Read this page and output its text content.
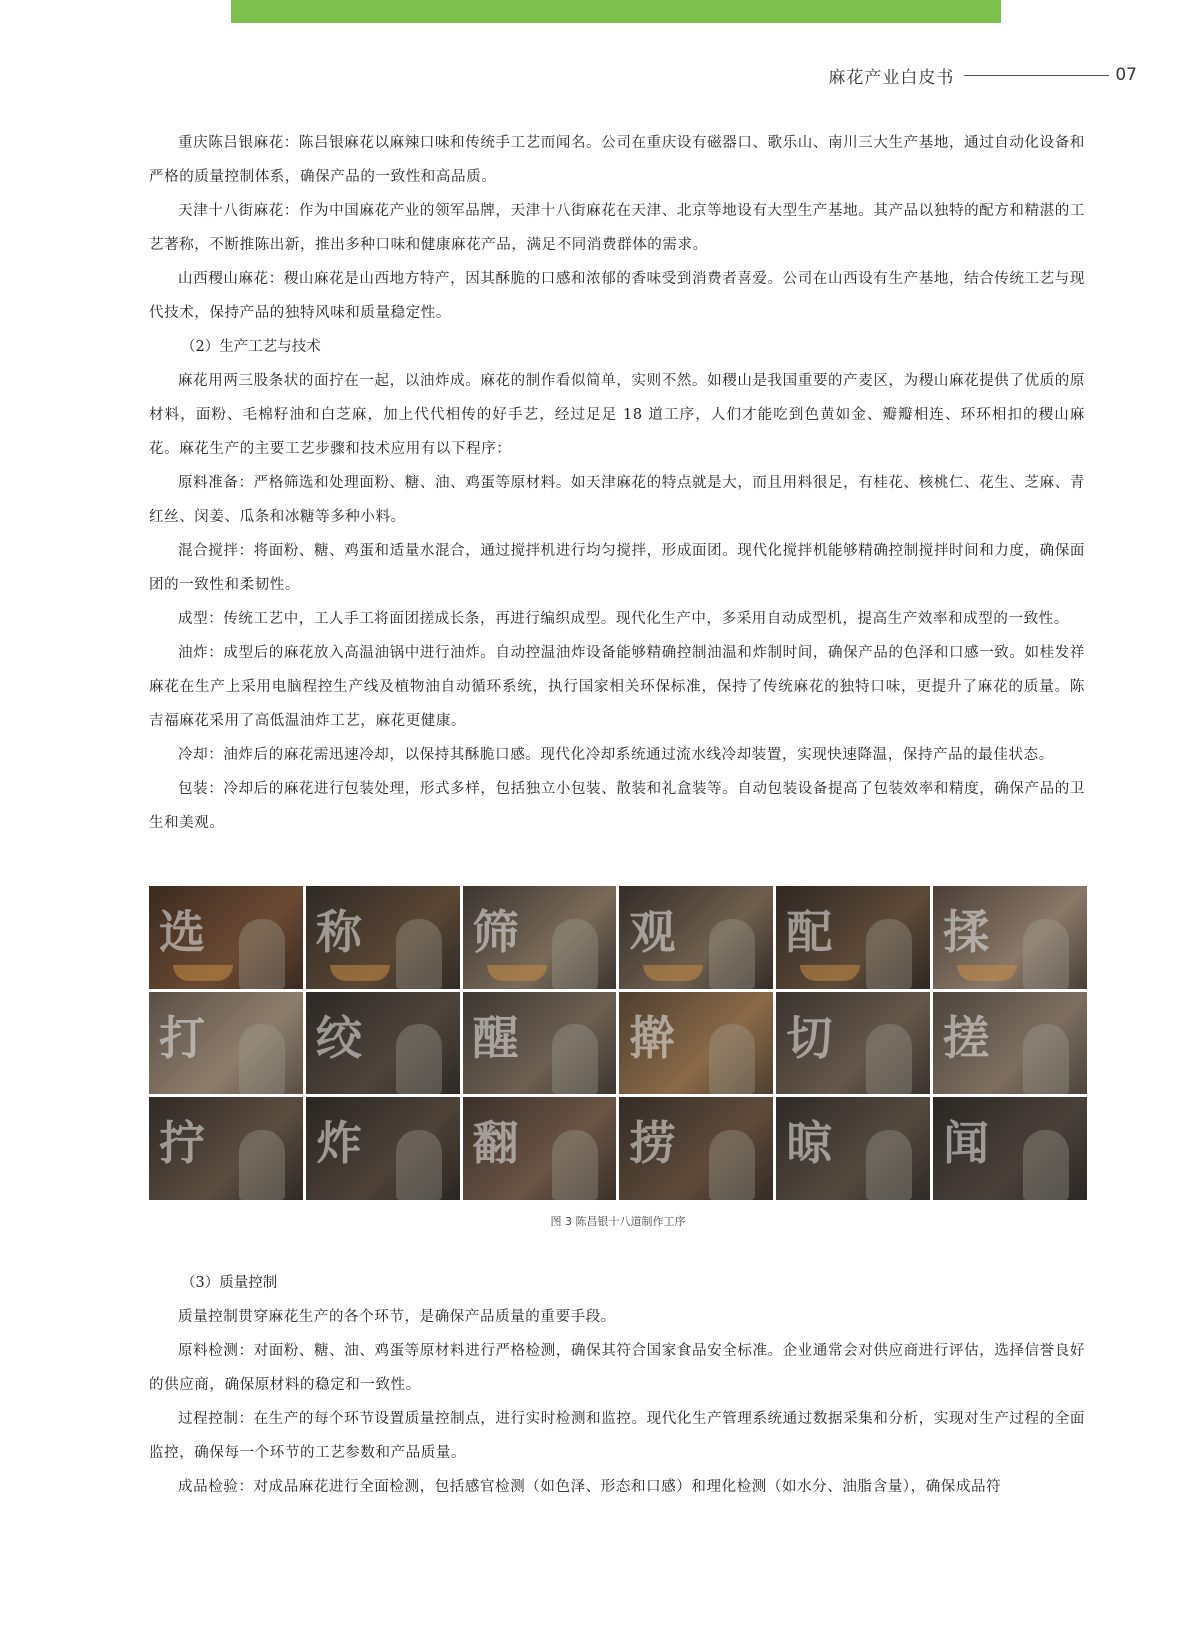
麻花产业白皮书	07

重庆陈吕银麻花：陈吕银麻花以麻辣口味和传统手工艺而闻名。公司在重庆设有磁器口、歌乐山、南川三大生产基地，通过自动化设备和严格的质量控制体系，确保产品的一致性和高品质。

天津十八街麻花：作为中国麻花产业的领军品牌，天津十八街麻花在天津、北京等地设有大型生产基地。其产品以独特的配方和精湛的工艺著称，不断推陈出新，推出多种口味和健康麻花产品，满足不同消费群体的需求。

山西稷山麻花：稷山麻花是山西地方特产，因其酥脆的口感和浓郁的香味受到消费者喜爱。公司在山西设有生产基地，结合传统工艺与现代技术，保持产品的独特风味和质量稳定性。

（2）生产工艺与技术

麻花用两三股条状的面拧在一起，以油炸成。麻花的制作看似简单，实则不然。如稷山是我国重要的产麦区，为稷山麻花提供了优质的原材料，面粉、毛棉籽油和白芝麻，加上代代相传的好手艺，经过足足 18 道工序，人们才能吃到色黄如金、瓣瓣相连、环环相扣的稷山麻花。麻花生产的主要工艺步骤和技术应用有以下程序：

原料准备：严格筛选和处理面粉、糖、油、鸡蛋等原材料。如天津麻花的特点就是大，而且用料很足，有桂花、核桃仁、花生、芝麻、青红丝、闵姜、瓜条和冰糖等多种小料。

混合搅拌：将面粉、糖、鸡蛋和适量水混合，通过搅拌机进行均匀搅拌，形成面团。现代化搅拌机能够精确控制搅拌时间和力度，确保面团的一致性和柔韧性。

成型：传统工艺中，工人手工将面团搓成长条，再进行编织成型。现代化生产中，多采用自动成型机，提高生产效率和成型的一致性。

油炸：成型后的麻花放入高温油锅中进行油炸。自动控温油炸设备能够精确控制油温和炸制时间，确保产品的色泽和口感一致。如桂发祥麻花在生产上采用电脑程控生产线及植物油自动循环系统，执行国家相关环保标准，保持了传统麻花的独特口味，更提升了麻花的质量。陈吉福麻花采用了高低温油炸工艺，麻花更健康。

冷却：油炸后的麻花需迅速冷却，以保持其酥脆口感。现代化冷却系统通过流水线冷却装置，实现快速降温，保持产品的最佳状态。

包装：冷却后的麻花进行包装处理，形式多样，包括独立小包装、散装和礼盒装等。自动包装设备提高了包装效率和精度，确保产品的卫生和美观。

选 称 筛 观 配 揉
打 绞 醒 擀 切 搓
拧 炸 翻 捞 晾 闻
图 3 陈昌银十八道制作工序

（3）质量控制

质量控制贯穿麻花生产的各个环节，是确保产品质量的重要手段。

原料检测：对面粉、糖、油、鸡蛋等原材料进行严格检测，确保其符合国家食品安全标准。企业通常会对供应商进行评估，选择信誉良好的供应商，确保原材料的稳定和一致性。

过程控制：在生产的每个环节设置质量控制点，进行实时检测和监控。现代化生产管理系统通过数据采集和分析，实现对生产过程的全面监控，确保每一个环节的工艺参数和产品质量。

成品检验：对成品麻花进行全面检测，包括感官检测（如色泽、形态和口感）和理化检测（如水分、油脂含量），确保成品符
